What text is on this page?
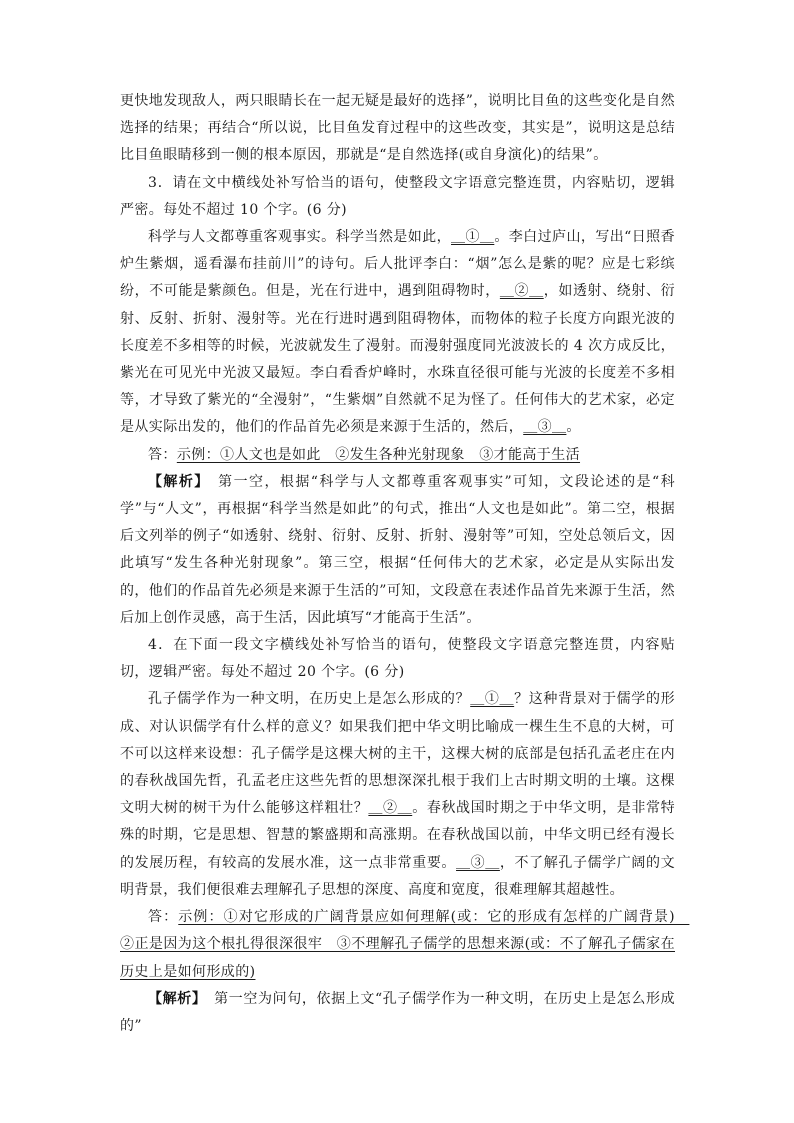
更快地发现敌人，两只眼睛长在一起无疑是最好的选择”，说明比目鱼的这些变化是自然选择的结果；再结合“所以说，比目鱼发育过程中的这些改变，其实是”，说明这是总结比目鱼眼睛移到一侧的根本原因，那就是“是自然选择(或自身演化)的结果”。

3．请在文中横线处补写恰当的语句，使整段文字语意完整连贯，内容贴切，逻辑严密。每处不超过 10 个字。(6 分)

科学与人文都尊重客观事实。科学当然是如此，＿①＿。李白过庐山，写出“日照香炉生紫烟，遥看瀑布挂前川”的诗句。后人批评李白：“烟”怎么是紫的呢？应是七彩缤纷，不可能是紫颜色。但是，光在行进中，遇到阻碍物时，＿②＿，如透射、绕射、衍射、反射、折射、漫射等。光在行进时遇到阻碍物体，而物体的粒子长度方向跟光波的长度差不多相等的时候，光波就发生了漫射。而漫射强度同光波波长的 4 次方成反比，紫光在可见光中光波又最短。李白看香炉峰时，水珠直径很可能与光波的长度差不多相等，才导致了紫光的“全漫射”，“生紫烟”自然就不足为怪了。任何伟大的艺术家，必定是从实际出发的，他们的作品首先必须是来源于生活的，然后，＿③＿。

答：示例：①人文也是如此　②发生各种光射现象　③才能高于生活

【解析】　第一空，根据“科学与人文都尊重客观事实”可知，文段论述的是“科学”与“人文”，再根据“科学当然是如此”的句式，推出“人文也是如此”。第二空，根据后文列举的例子“如透射、绕射、衍射、反射、折射、漫射等”可知，空处总领后文，因此填写“发生各种光射现象”。第三空，根据“任何伟大的艺术家，必定是从实际出发的，他们的作品首先必须是来源于生活的”可知，文段意在表述作品首先来源于生活，然后加上创作灵感，高于生活，因此填写“才能高于生活”。

4．在下面一段文字横线处补写恰当的语句，使整段文字语意完整连贯，内容贴切，逻辑严密。每处不超过 20 个字。(6 分)

孔子儒学作为一种文明，在历史上是怎么形成的？＿①＿？这种背景对于儒学的形成、对认识儒学有什么样的意义？如果我们把中华文明比喻成一棵生生不息的大树，可不可以这样来设想：孔子儒学是这棵大树的主干，这棵大树的底部是包括孔孟老庄在内的春秋战国先哲，孔孟老庄这些先哲的思想深深扎根于我们上古时期文明的土壤。这棵文明大树的树干为什么能够这样粗壮？＿②＿。春秋战国时期之于中华文明，是非常特殊的时期，它是思想、智慧的繁盛期和高涨期。在春秋战国以前，中华文明已经有漫长的发展历程，有较高的发展水准，这一点非常重要。＿③＿，不了解孔子儒学广阔的文明背景，我们便很难去理解孔子思想的深度、高度和宽度，很难理解其超越性。

答：示例：①对它形成的广阔背景应如何理解(或：它的形成有怎样的广阔背景)　②正是因为这个根扎得很深很牢　③不理解孔子儒学的思想来源(或：不了解孔子儒家在历史上是如何形成的)

【解析】　第一空为问句，依据上文“孔子儒学作为一种文明，在历史上是怎么形成的”
